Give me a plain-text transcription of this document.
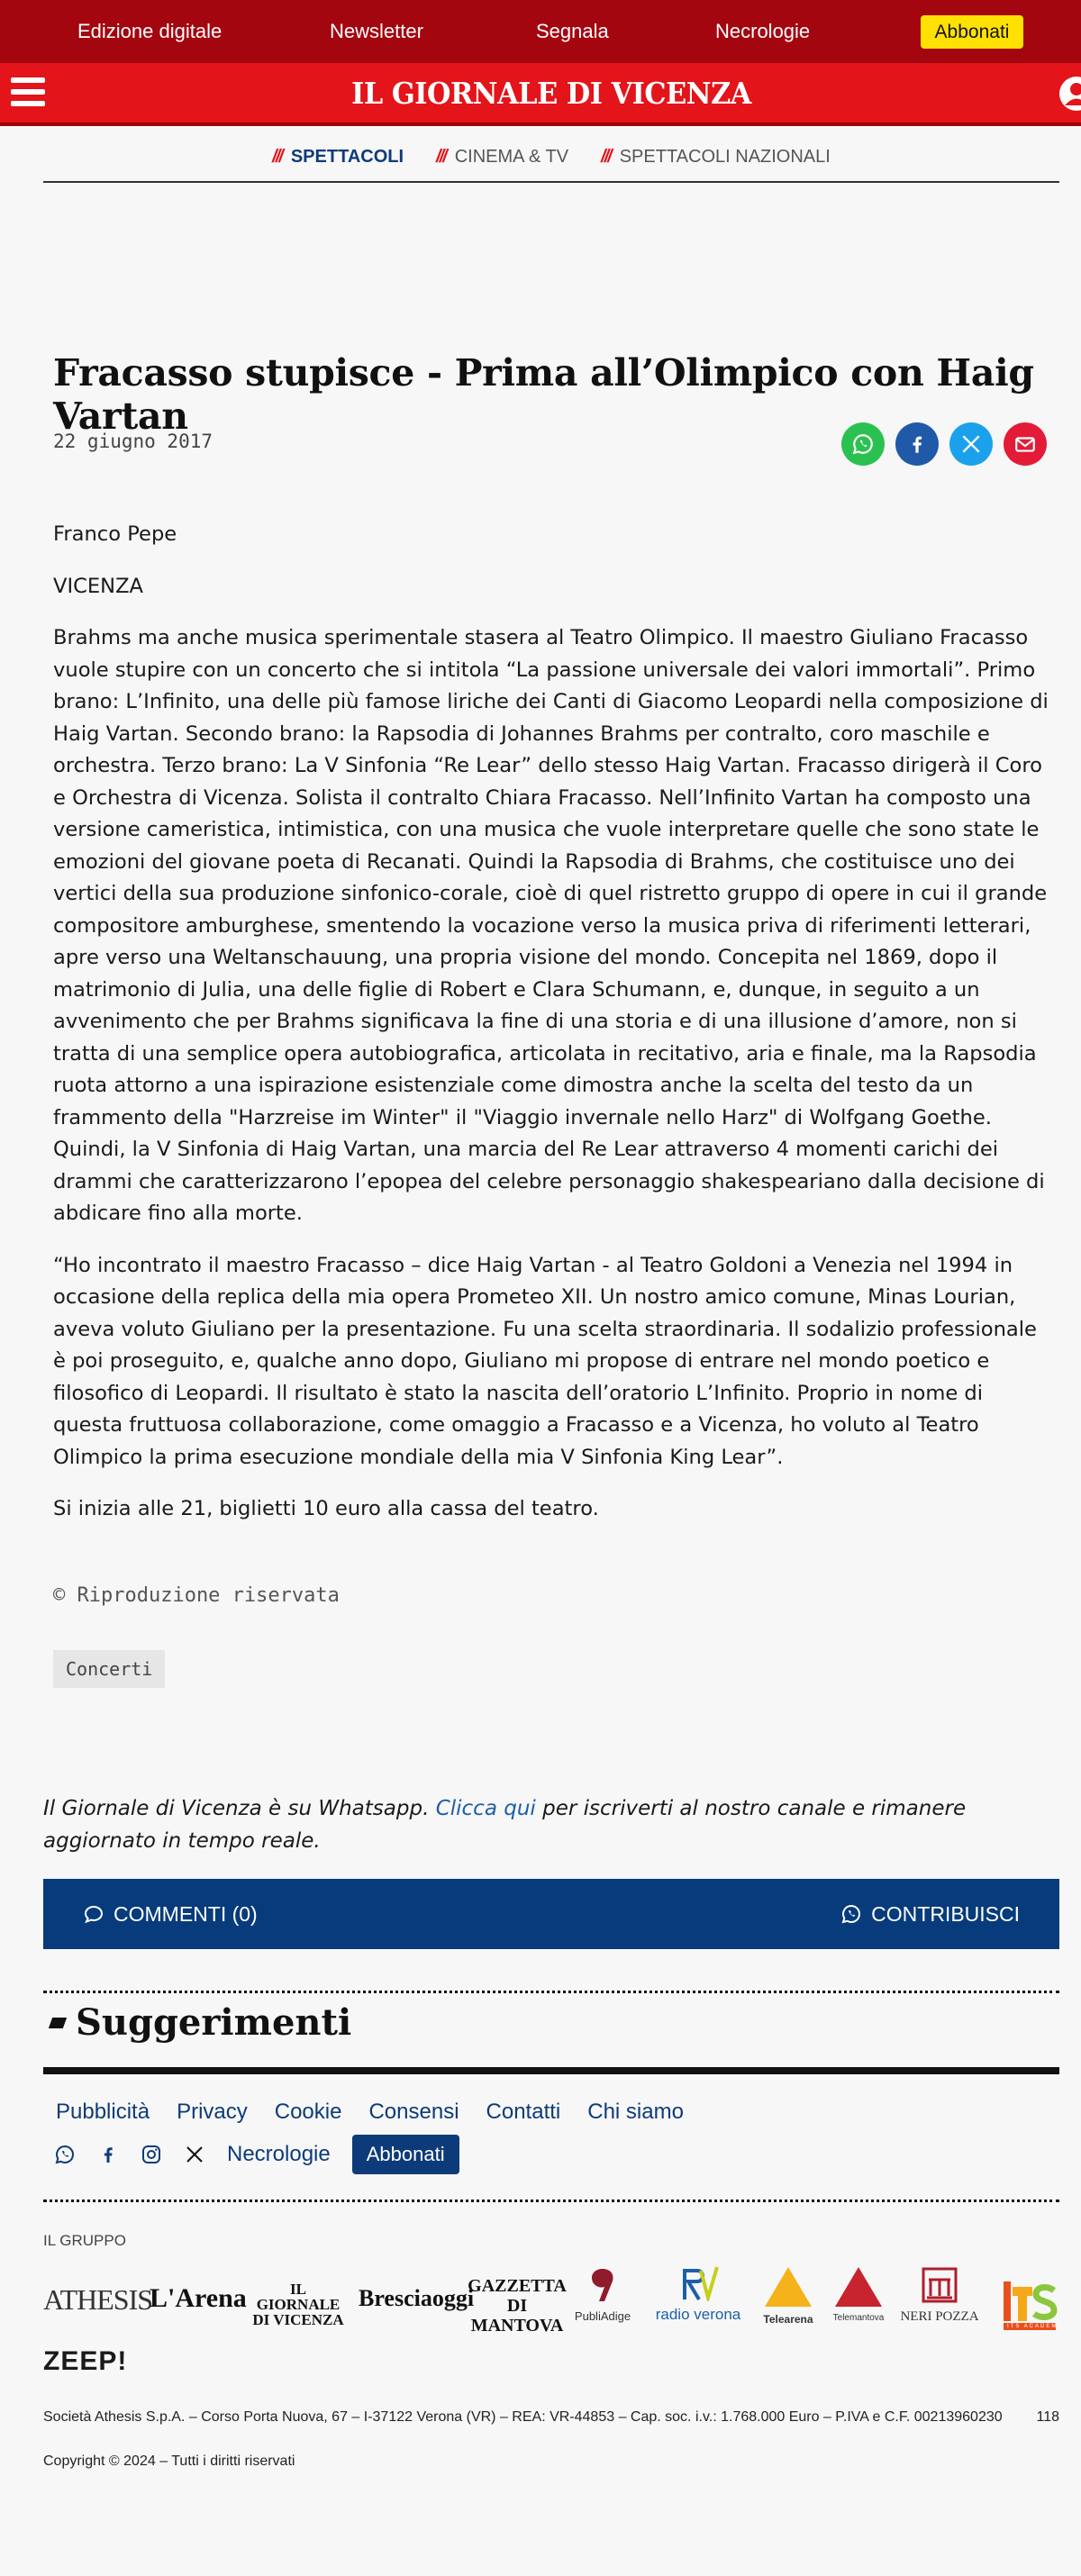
Edizione digitale	Newsletter	Segnala	Necrologie	Abbonati
IL GIORNALE DI VICENZA
/// SPETTACOLI /// CINEMA & TV /// SPETTACOLI NAZIONALI
Fracasso stupisce - Prima all’Olimpico con Haig Vartan
22 giugno 2017

Franco Pepe

VICENZA

Brahms ma anche musica sperimentale stasera al Teatro Olimpico. Il maestro Giuliano Fracasso vuole stupire con un concerto che si intitola “La passione universale dei valori immortali”. Primo brano: L’Infinito, una delle più famose liriche dei Canti di Giacomo Leopardi nella composizione di Haig Vartan. Secondo brano: la Rapsodia di Johannes Brahms per contralto, coro maschile e orchestra. Terzo brano: La V Sinfonia “Re Lear” dello stesso Haig Vartan. Fracasso dirigerà il Coro e Orchestra di Vicenza. Solista il contralto Chiara Fracasso. Nell’Infinito Vartan ha composto una versione cameristica, intimistica, con una musica che vuole interpretare quelle che sono state le emozioni del giovane poeta di Recanati. Quindi la Rapsodia di Brahms, che costituisce uno dei vertici della sua produzione sinfonico-corale, cioè di quel ristretto gruppo di opere in cui il grande compositore amburghese, smentendo la vocazione verso la musica priva di riferimenti letterari, apre verso una Weltanschauung, una propria visione del mondo. Concepita nel 1869, dopo il matrimonio di Julia, una delle figlie di Robert e Clara Schumann, e, dunque, in seguito a un avvenimento che per Brahms significava la fine di una storia e di una illusione d’amore, non si tratta di una semplice opera autobiografica, articolata in recitativo, aria e finale, ma la Rapsodia ruota attorno a una ispirazione esistenziale come dimostra anche la scelta del testo da un frammento della "Harzreise im Winter" il "Viaggio invernale nello Harz" di Wolfgang Goethe. Quindi, la V Sinfonia di Haig Vartan, una marcia del Re Lear attraverso 4 momenti carichi dei drammi che caratterizzarono l’epopea del celebre personaggio shakespeariano dalla decisione di abdicare fino alla morte.

“Ho incontrato il maestro Fracasso – dice Haig Vartan - al Teatro Goldoni a Venezia nel 1994 in occasione della replica della mia opera Prometeo XII. Un nostro amico comune, Minas Lourian, aveva voluto Giuliano per la presentazione. Fu una scelta straordinaria. Il sodalizio professionale è poi proseguito, e, qualche anno dopo, Giuliano mi propose di entrare nel mondo poetico e filosofico di Leopardi. Il risultato è stato la nascita dell’oratorio L’Infinito. Proprio in nome di questa fruttuosa collaborazione, come omaggio a Fracasso e a Vicenza, ho voluto al Teatro Olimpico la prima esecuzione mondiale della mia V Sinfonia King Lear”.

Si inizia alle 21, biglietti 10 euro alla cassa del teatro.

© Riproduzione riservata
Concerti
Il Giornale di Vicenza è su Whatsapp. Clicca qui per iscriverti al nostro canale e rimanere aggiornato in tempo reale.
COMMENTI (0)	CONTRIBUISCI
Suggerimenti
Pubblicità Privacy Cookie Consensi Contatti Chi siamo
Necrologie	Abbonati
IL GRUPPO
ATHESIS
L'Arena	IL GIORNALE DI VICENZA
Bresciaoggi
GAZZETTA DI MANTOVA PubliAdige	radio verona	Telearena	Telemantova	NERI POZZA
ITS ACADEMY
ZEEP!
Società Athesis S.p.A. – Corso Porta Nuova, 67 – I-37122 Verona (VR) – REA: VR-44853 – Cap. soc. i.v.: 1.768.000 Euro – P.IVA e C.F. 00213960230 118
Copyright © 2024 – Tutti i diritti riservati
